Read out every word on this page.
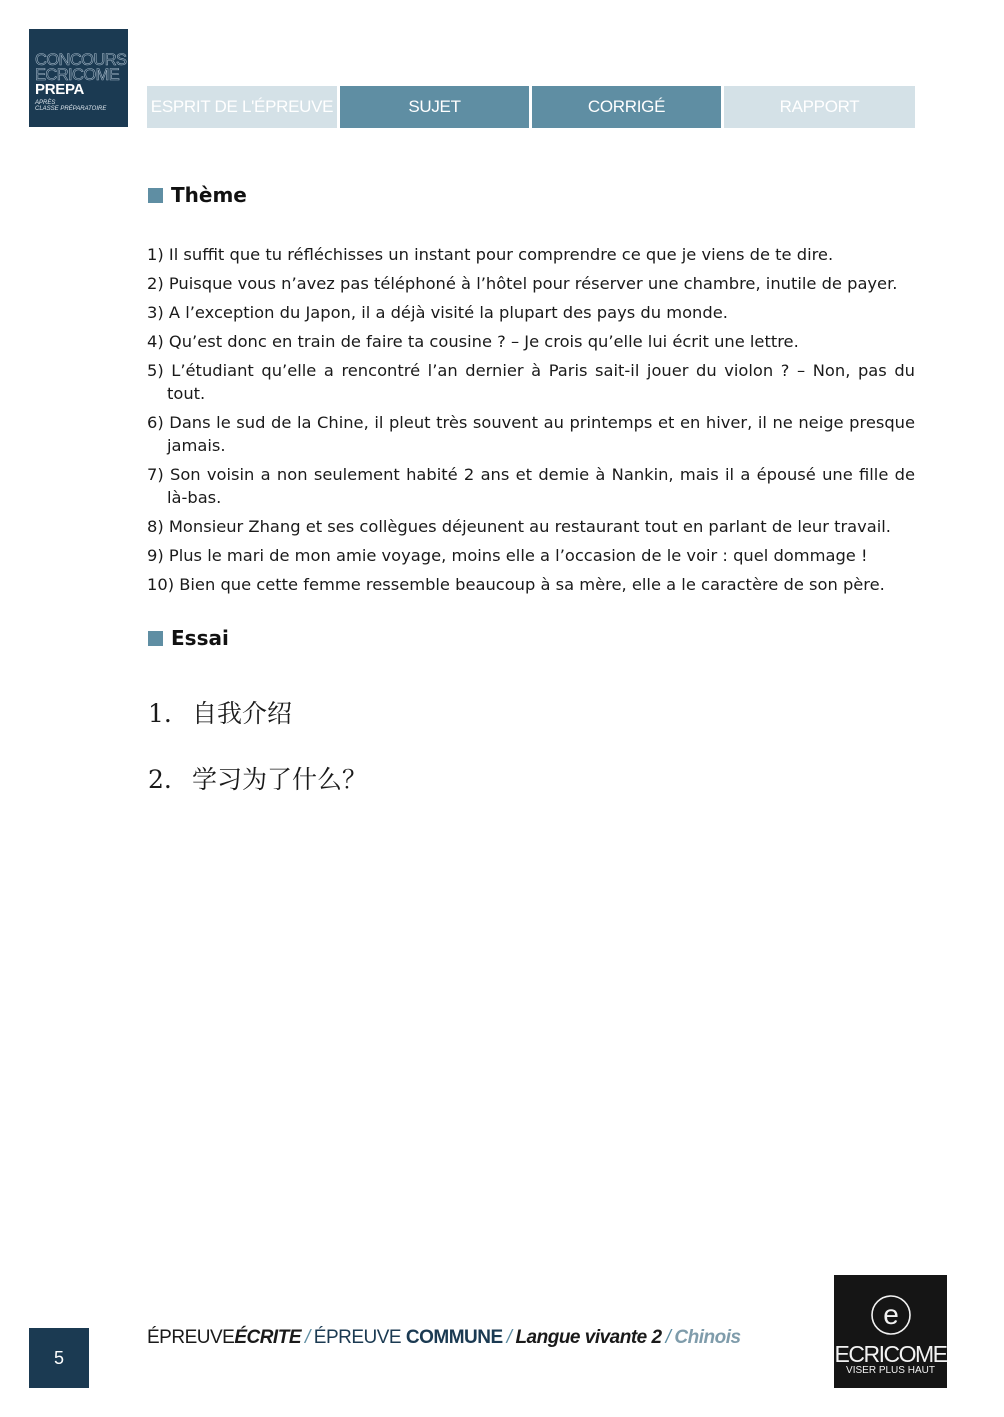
CONCOURS
ECRICOME
PREPA
APRÈS
CLASSE PRÉPARATOIRE	ESPRIT DE L'ÉPREUVE	SUJET	CORRIGÉ	RAPPORT
Thème
1) Il suffit que tu réfléchisses un instant pour comprendre ce que je viens de te dire.
2) Puisque vous n’avez pas téléphoné à l’hôtel pour réserver une chambre, inutile de payer.
3) A l’exception du Japon, il a déjà visité la plupart des pays du monde.
4) Qu’est donc en train de faire ta cousine ? – Je crois qu’elle lui écrit une lettre.
5) L’étudiant qu’elle a rencontré l’an dernier à Paris sait-il jouer du violon ? – Non, pas du tout.
6) Dans le sud de la Chine, il pleut très souvent au printemps et en hiver, il ne neige presque jamais.
7) Son voisin a non seulement habité 2 ans et demie à Nankin, mais il a épousé une fille de là-bas.
8) Monsieur Zhang et ses collègues déjeunent au restaurant tout en parlant de leur travail.
9) Plus le mari de mon amie voyage, moins elle a l’occasion de le voir : quel dommage !
10) Bien que cette femme ressemble beaucoup à sa mère, elle a le caractère de son père.
Essai
1. 自我介绍
2. 学习为了什么？
5
ÉPREUVEÉCRITE / ÉPREUVE COMMUNE / Langue vivante 2 / Chinois
e
ECRICOME
VISER PLUS HAUT
